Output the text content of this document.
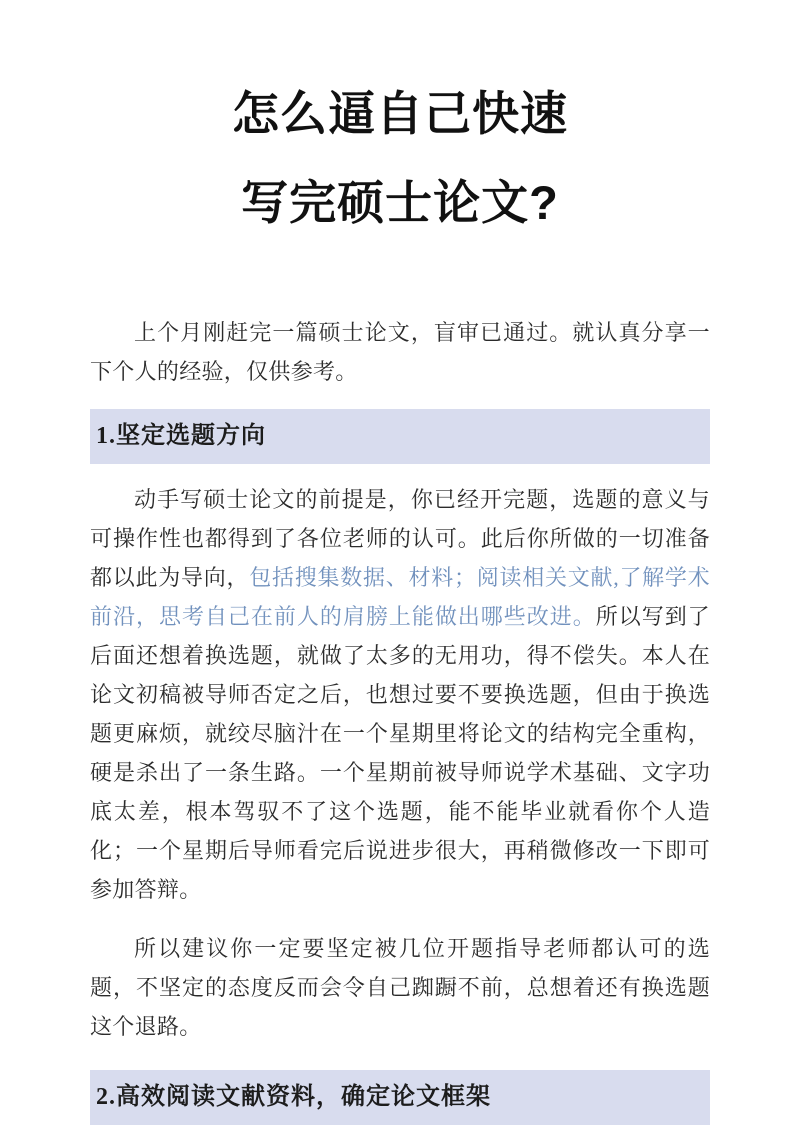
怎么逼自己快速
写完硕士论文?

上个月刚赶完一篇硕士论文，盲审已通过。就认真分享一下个人的经验，仅供参考。

1.坚定选题方向

动手写硕士论文的前提是，你已经开完题，选题的意义与可操作性也都得到了各位老师的认可。此后你所做的一切准备都以此为导向，包括搜集数据、材料；阅读相关文献,了解学术前沿，思考自己在前人的肩膀上能做出哪些改进。所以写到了后面还想着换选题，就做了太多的无用功，得不偿失。本人在论文初稿被导师否定之后，也想过要不要换选题，但由于换选题更麻烦，就绞尽脑汁在一个星期里将论文的结构完全重构，硬是杀出了一条生路。一个星期前被导师说学术基础、文字功底太差，根本驾驭不了这个选题，能不能毕业就看你个人造化；一个星期后导师看完后说进步很大，再稍微修改一下即可参加答辩。

所以建议你一定要坚定被几位开题指导老师都认可的选题，不坚定的态度反而会令自己踟蹰不前，总想着还有换选题这个退路。

2.高效阅读文献资料，确定论文框架
